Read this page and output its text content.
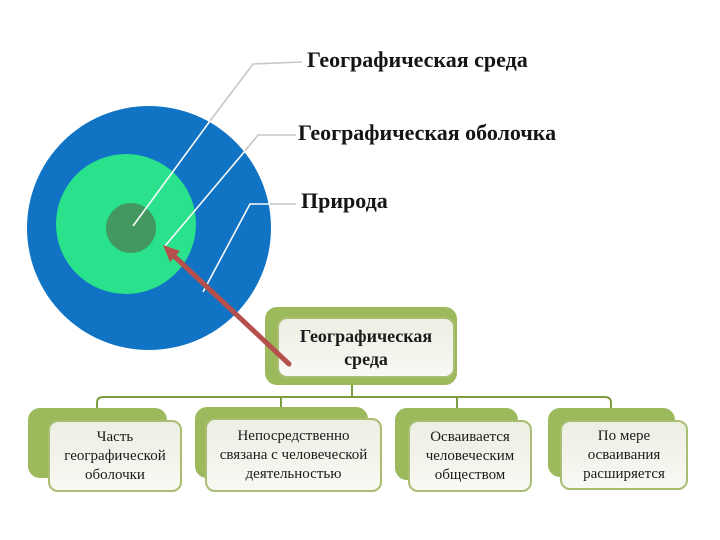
Географическая среда
Географическая оболочка
Природа
Географическая среда
Часть географической оболочки
Непосредственно связана с человеческой деятельностью
Осваивается человеческим обществом
По мере осваивания расширяется
